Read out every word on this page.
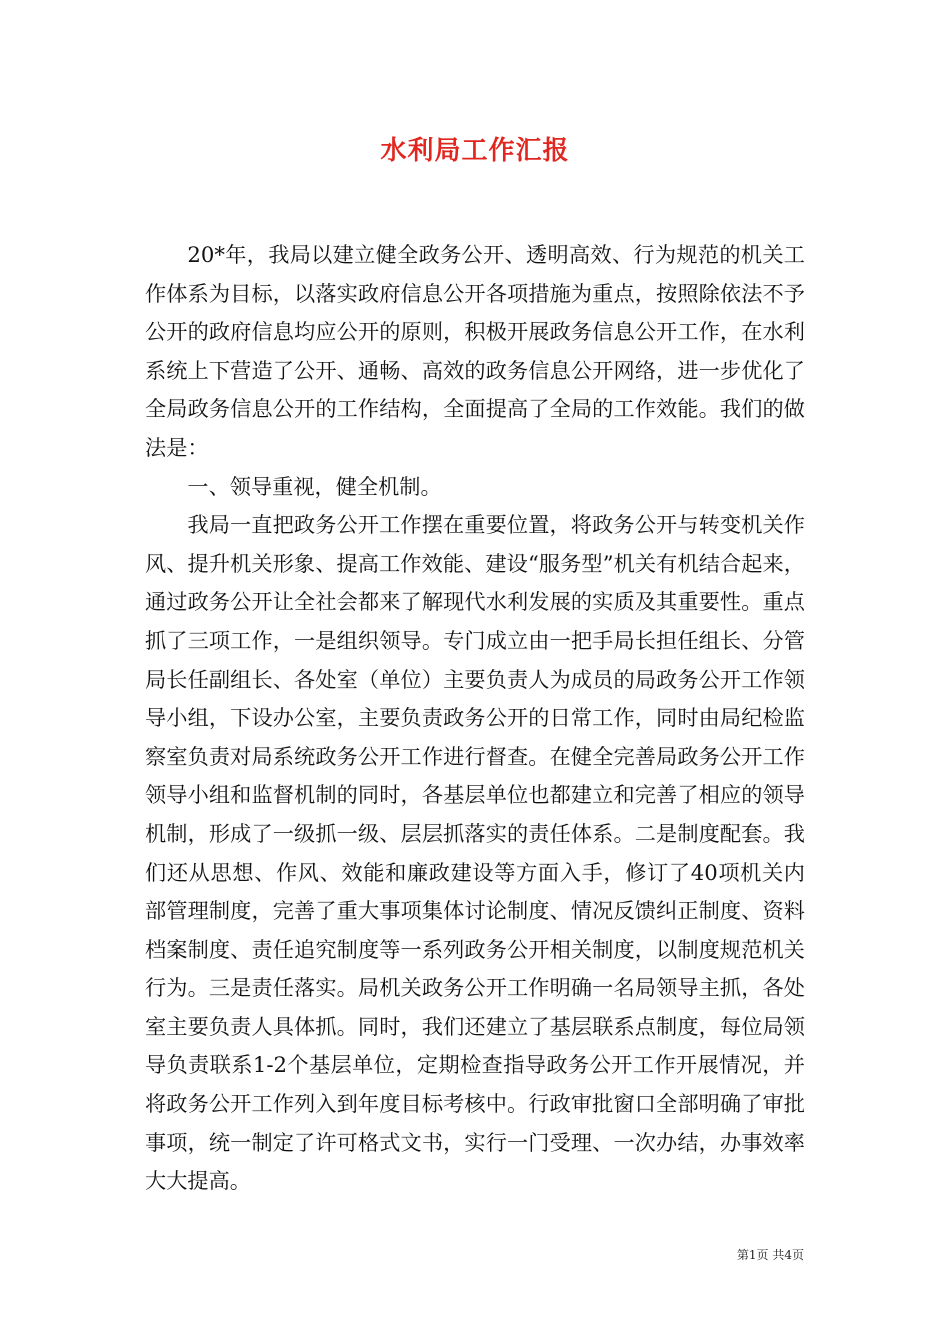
水利局工作汇报

20*年，我局以建立健全政务公开、透明高效、行为规范的机关工作体系为目标，以落实政府信息公开各项措施为重点，按照除依法不予公开的政府信息均应公开的原则，积极开展政务信息公开工作，在水利系统上下营造了公开、通畅、高效的政务信息公开网络，进一步优化了全局政务信息公开的工作结构，全面提高了全局的工作效能。我们的做法是：

一、领导重视，健全机制。

我局一直把政务公开工作摆在重要位置，将政务公开与转变机关作风、提升机关形象、提高工作效能、建设“服务型”机关有机结合起来，通过政务公开让全社会都来了解现代水利发展的实质及其重要性。重点抓了三项工作，一是组织领导。专门成立由一把手局长担任组长、分管局长任副组长、各处室（单位）主要负责人为成员的局政务公开工作领导小组，下设办公室，主要负责政务公开的日常工作，同时由局纪检监察室负责对局系统政务公开工作进行督查。在健全完善局政务公开工作领导小组和监督机制的同时，各基层单位也都建立和完善了相应的领导机制，形成了一级抓一级、层层抓落实的责任体系。二是制度配套。我们还从思想、作风、效能和廉政建设等方面入手，修订了40项机关内部管理制度，完善了重大事项集体讨论制度、情况反馈纠正制度、资料档案制度、责任追究制度等一系列政务公开相关制度，以制度规范机关行为。三是责任落实。局机关政务公开工作明确一名局领导主抓，各处室主要负责人具体抓。同时，我们还建立了基层联系点制度，每位局领导负责联系1-2个基层单位，定期检查指导政务公开工作开展情况，并将政务公开工作列入到年度目标考核中。行政审批窗口全部明确了审批事项，统一制定了许可格式文书，实行一门受理、一次办结，办事效率大大提高。

第1页 共4页
